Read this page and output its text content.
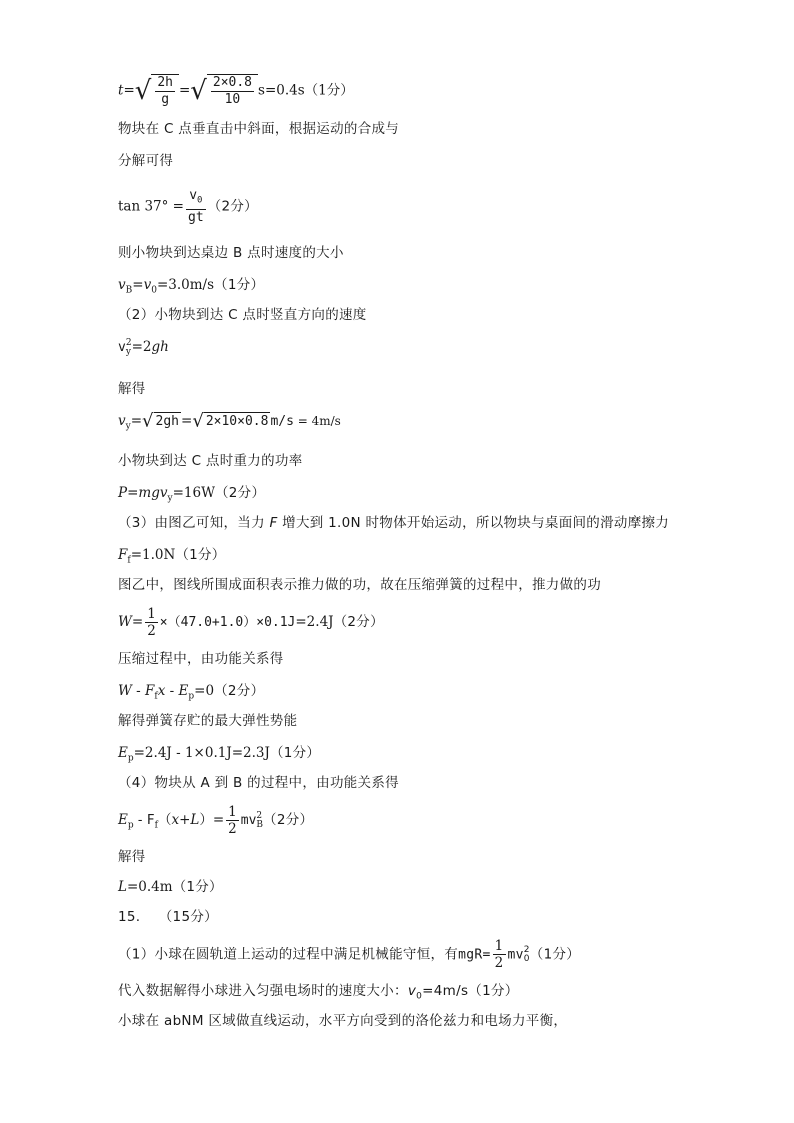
$t=√ \frac{2h}{g}$ =√ $\frac{2\times 0.8}{10} s=0.4s(1$分）
物块在 C 点垂直击中斜面，根据运动的合成与
分解可得
$\tan 37^\circ = \frac{v_0}{gt} (2$分）
则小物块到达桌边 B 点时速度的大小
$v_B=v_0=3.0m/s(1$分）
（2）小物块到达 C 点时竖直方向的速度
v 2
y =2gh
解得
$v_y=√$ 2gh =√ 2×10×0.8 m/s = 4m/s
小物块到达 C 点时重力的功率
P=mgv$_y$=16W（2分）
（3）由图乙可知，当力 F 增大到 1.0N 时物体开始运动，所以物块与桌面间的滑动摩擦力
$F_f=1.0N(1$分）
图乙中，图线所围成面积表示推力做的功，故在压缩弹簧的过程中，推力做的功
$W= \frac{1}{2} \times(47.0+1.0)\times 0.1J=2.4J(2$分）
压缩过程中，由功能关系得
$W - F_fx - E_p=0(2$分）
解得弹簧存贮的最大弹性势能
$E_p=2.4J - 1\times 0.1J=2.3J(1$分）
（4）物块从 A 到 B 的过程中，由功能关系得
$E_p - F_f(x+L)= \frac{1}{2}$ mv 2
B （2分）
解得
L=0.4m（1分）
15. （15分）
（1）小球在圆轨道上运动的过程中满足机械能守恒，有$mgR= \frac{1}{2}$ mv 2
0 （1分）
代入数据解得小球进入匀强电场时的速度大小：$v_0=4m/s(1$分）
小球在 abNM 区域做直线运动，水平方向受到的洛伦兹力和电场力平衡，
